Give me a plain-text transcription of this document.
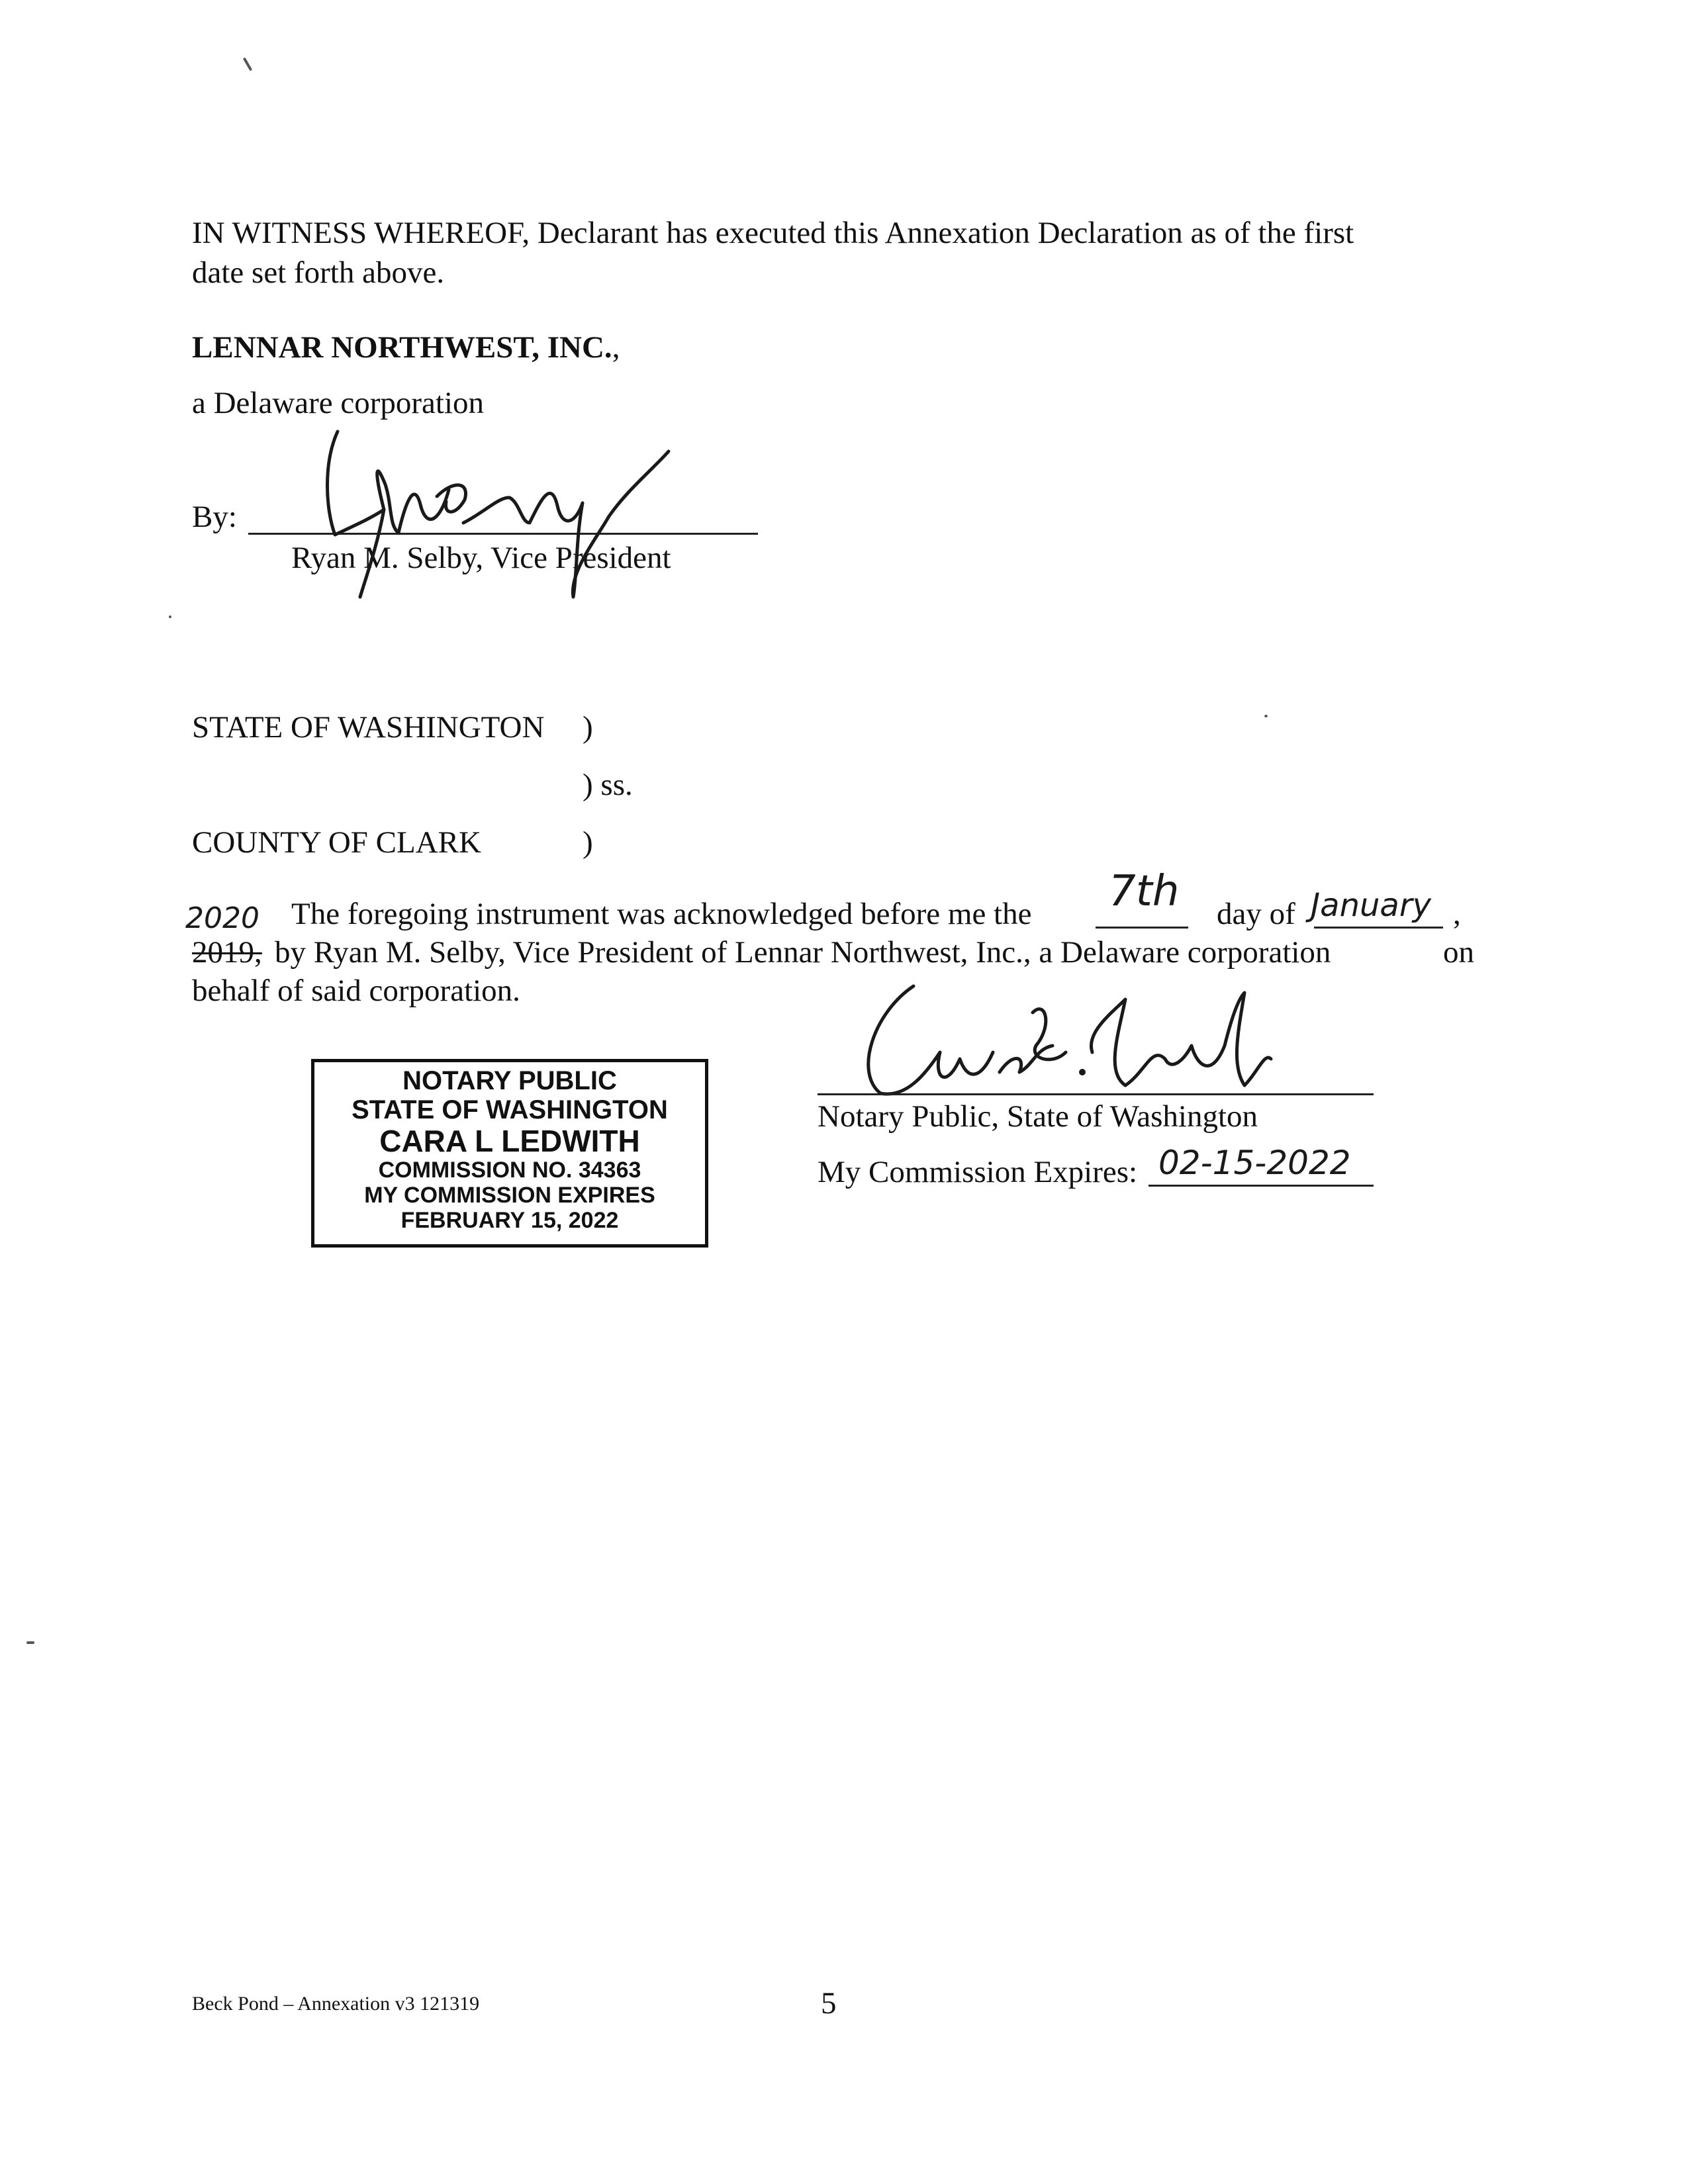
IN WITNESS WHEREOF, Declarant has executed this Annexation Declaration as of the first
date set forth above.
LENNAR NORTHWEST, INC.,
a Delaware corporation
By:
Ryan M. Selby, Vice President
STATE OF WASHINGTON )
) ss.
COUNTY OF CLARK	)
2020 The foregoing instrument was acknowledged before me the 7th day of January ,
2019, by Ryan M. Selby, Vice President of Lennar Northwest, Inc., a Delaware corporation	on
behalf of said corporation.
NOTARY PUBLIC
STATE OF WASHINGTON
CARA L LEDWITH
COMMISSION NO. 34363
MY COMMISSION EXPIRES
FEBRUARY 15, 2022
Notary Public, State of Washington
My Commission Expires: 02-15-2022
Beck Pond – Annexation v3 121319	5
